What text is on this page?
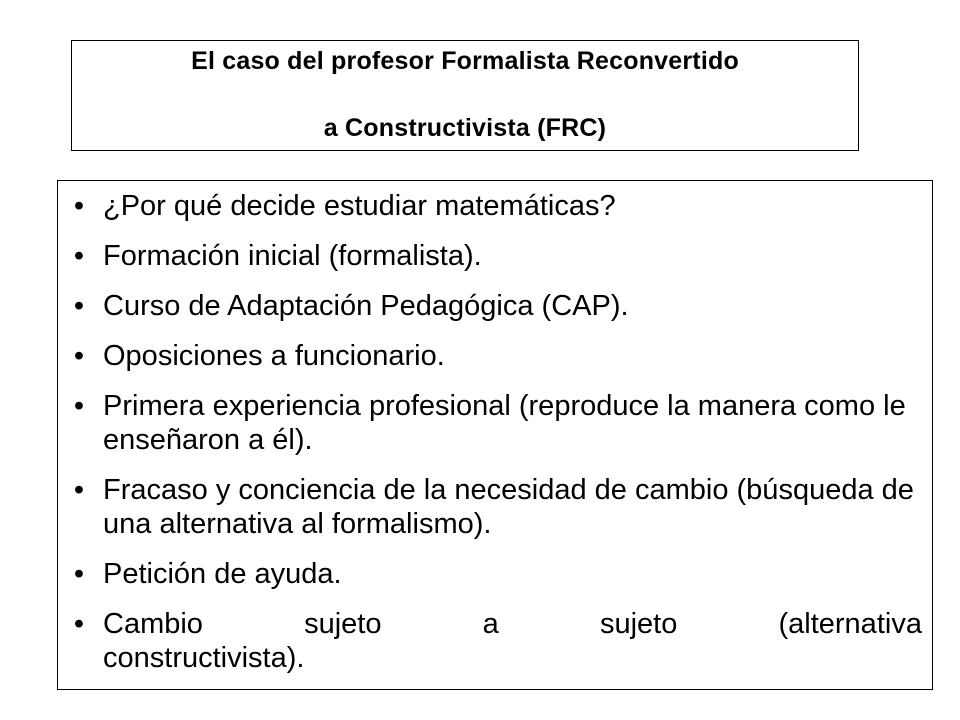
El caso del profesor Formalista Reconvertido
a Constructivista (FRC)
• ¿Por qué decide estudiar matemáticas?
• Formación inicial (formalista).
• Curso de Adaptación Pedagógica (CAP).
• Oposiciones a funcionario.
• Primera experiencia profesional (reproduce la manera como le enseñaron a él).
• Fracaso y conciencia de la necesidad de cambio (búsqueda de una alternativa al formalismo).
• Petición de ayuda.
• Cambio	sujeto	a	sujeto	(alternativa
constructivista).
